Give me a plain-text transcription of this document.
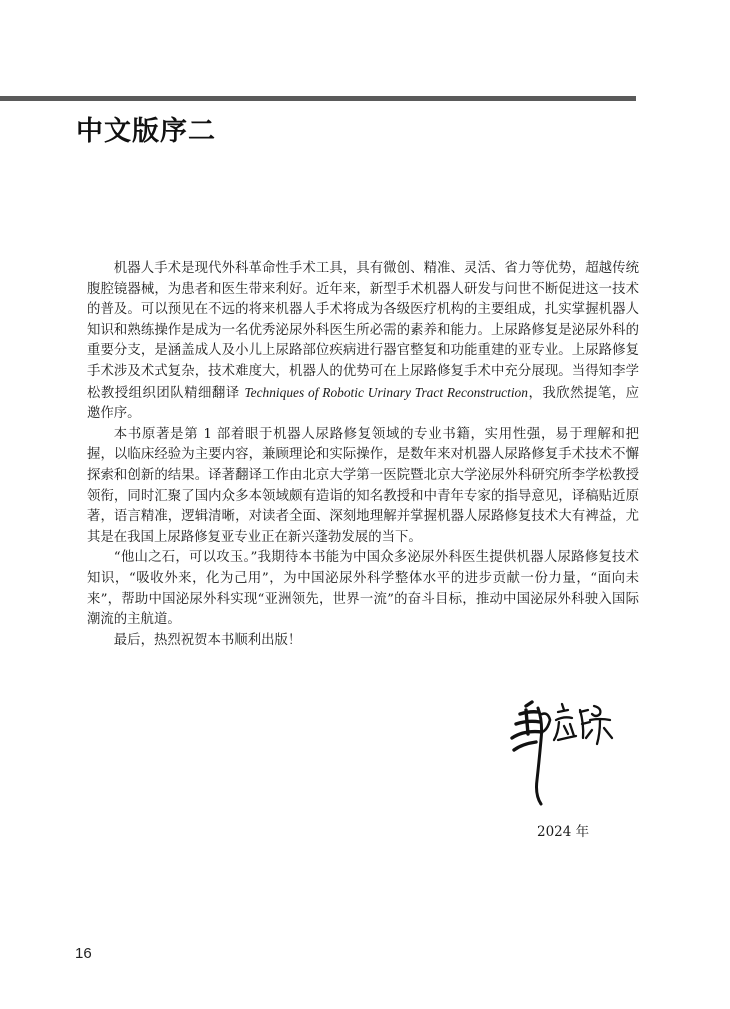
中文版序二

机器人手术是现代外科革命性手术工具，具有微创、精准、灵活、省力等优势，超越传统腹腔镜器械，为患者和医生带来利好。近年来，新型手术机器人研发与问世不断促进这一技术的普及。可以预见在不远的将来机器人手术将成为各级医疗机构的主要组成，扎实掌握机器人知识和熟练操作是成为一名优秀泌尿外科医生所必需的素养和能力。上尿路修复是泌尿外科的重要分支，是涵盖成人及小儿上尿路部位疾病进行器官整复和功能重建的亚专业。上尿路修复手术涉及术式复杂，技术难度大，机器人的优势可在上尿路修复手术中充分展现。当得知李学松教授组织团队精细翻译 Techniques of Robotic Urinary Tract Reconstruction，我欣然提笔，应邀作序。

本书原著是第 1 部着眼于机器人尿路修复领域的专业书籍，实用性强，易于理解和把握，以临床经验为主要内容，兼顾理论和实际操作，是数年来对机器人尿路修复手术技术不懈探索和创新的结果。译著翻译工作由北京大学第一医院暨北京大学泌尿外科研究所李学松教授领衔，同时汇聚了国内众多本领域颇有造诣的知名教授和中青年专家的指导意见，译稿贴近原著，语言精准，逻辑清晰，对读者全面、深刻地理解并掌握机器人尿路修复技术大有裨益，尤其是在我国上尿路修复亚专业正在新兴蓬勃发展的当下。

“他山之石，可以攻玉。”我期待本书能为中国众多泌尿外科医生提供机器人尿路修复技术知识，“吸收外来，化为己用”，为中国泌尿外科学整体水平的进步贡献一份力量，“面向未来”，帮助中国泌尿外科实现“亚洲领先，世界一流”的奋斗目标，推动中国泌尿外科驶入国际潮流的主航道。

最后，热烈祝贺本书顺利出版！

2024 年
16
